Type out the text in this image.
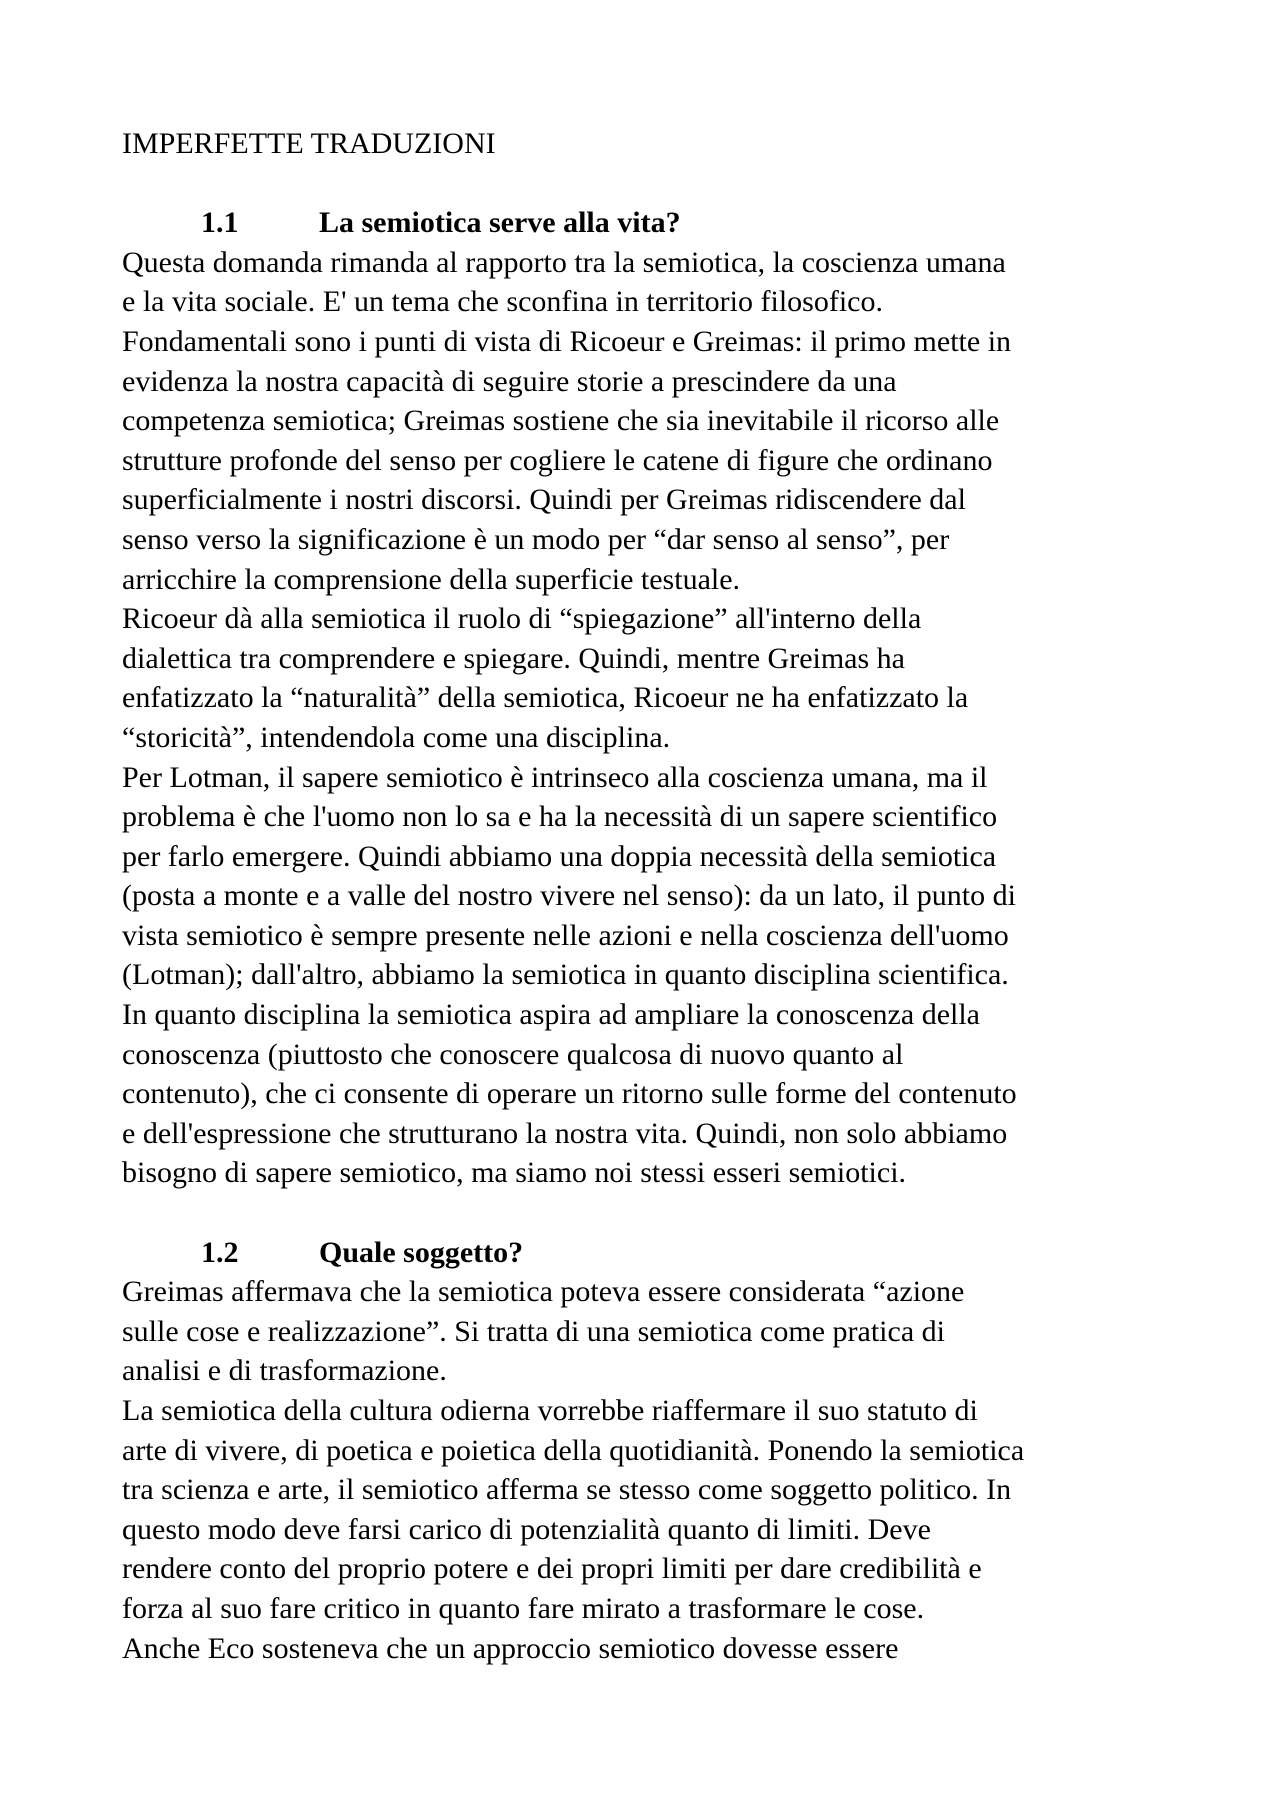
IMPERFETTE TRADUZIONI
1.1	La semiotica serve alla vita?
Questa domanda rimanda al rapporto tra la semiotica, la coscienza umana
e la vita sociale. E' un tema che sconfina in territorio filosofico.
Fondamentali sono i punti di vista di Ricoeur e Greimas: il primo mette in
evidenza la nostra capacità di seguire storie a prescindere da una
competenza semiotica; Greimas sostiene che sia inevitabile il ricorso alle
strutture profonde del senso per cogliere le catene di figure che ordinano
superficialmente i nostri discorsi. Quindi per Greimas ridiscendere dal
senso verso la significazione è un modo per “dar senso al senso”, per
arricchire la comprensione della superficie testuale.
Ricoeur dà alla semiotica il ruolo di “spiegazione” all'interno della
dialettica tra comprendere e spiegare. Quindi, mentre Greimas ha
enfatizzato la “naturalità” della semiotica, Ricoeur ne ha enfatizzato la
“storicità”, intendendola come una disciplina.
Per Lotman, il sapere semiotico è intrinseco alla coscienza umana, ma il
problema è che l'uomo non lo sa e ha la necessità di un sapere scientifico
per farlo emergere. Quindi abbiamo una doppia necessità della semiotica
(posta a monte e a valle del nostro vivere nel senso): da un lato, il punto di
vista semiotico è sempre presente nelle azioni e nella coscienza dell'uomo
(Lotman); dall'altro, abbiamo la semiotica in quanto disciplina scientifica.
In quanto disciplina la semiotica aspira ad ampliare la conoscenza della
conoscenza (piuttosto che conoscere qualcosa di nuovo quanto al
contenuto), che ci consente di operare un ritorno sulle forme del contenuto
e dell'espressione che strutturano la nostra vita. Quindi, non solo abbiamo
bisogno di sapere semiotico, ma siamo noi stessi esseri semiotici.
1.2	Quale soggetto?
Greimas affermava che la semiotica poteva essere considerata “azione
sulle cose e realizzazione”. Si tratta di una semiotica come pratica di
analisi e di trasformazione.
La semiotica della cultura odierna vorrebbe riaffermare il suo statuto di
arte di vivere, di poetica e poietica della quotidianità. Ponendo la semiotica
tra scienza e arte, il semiotico afferma se stesso come soggetto politico. In
questo modo deve farsi carico di potenzialità quanto di limiti. Deve
rendere conto del proprio potere e dei propri limiti per dare credibilità e
forza al suo fare critico in quanto fare mirato a trasformare le cose.
Anche Eco sosteneva che un approccio semiotico dovesse essere
